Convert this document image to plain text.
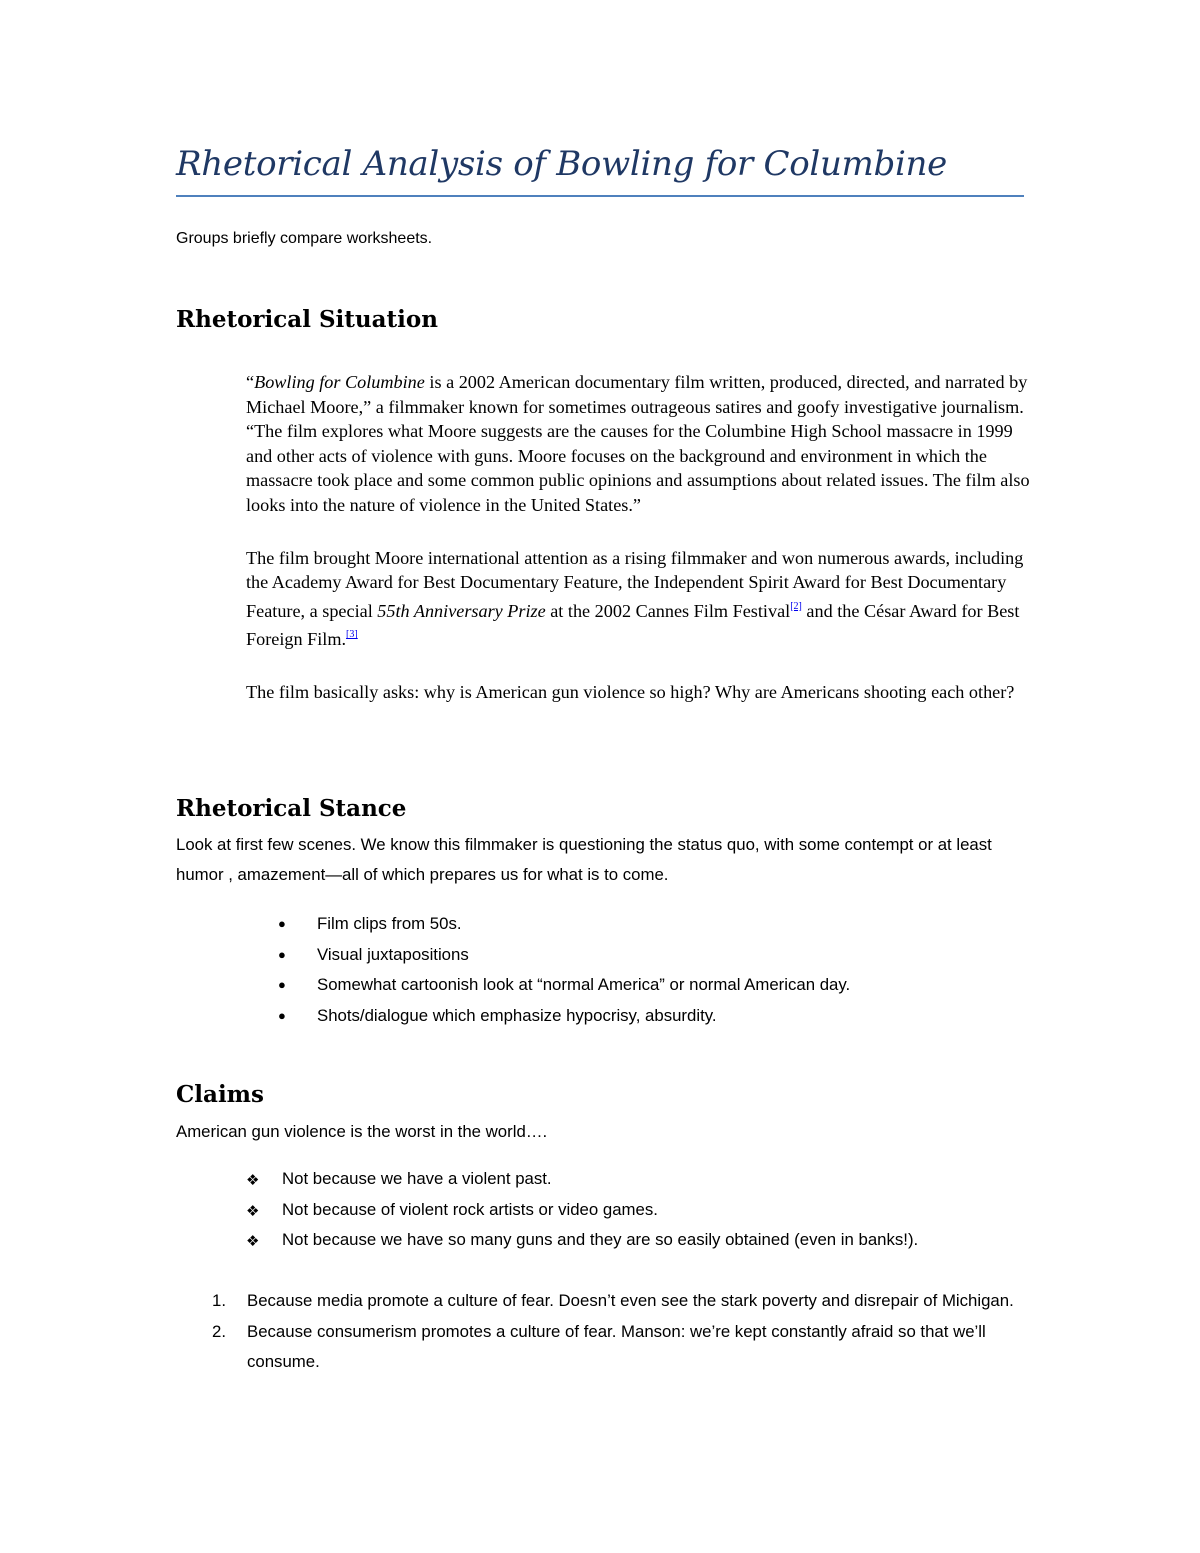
Rhetorical Analysis of Bowling for Columbine
Groups briefly compare worksheets.
Rhetorical Situation

“Bowling for Columbine is a 2002 American documentary film written, produced, directed, and narrated by Michael Moore,” a filmmaker known for sometimes outrageous satires and goofy investigative journalism. “The film explores what Moore suggests are the causes for the Columbine High School massacre in 1999 and other acts of violence with guns. Moore focuses on the background and environment in which the massacre took place and some common public opinions and assumptions about related issues. The film also looks into the nature of violence in the United States.”

The film brought Moore international attention as a rising filmmaker and won numerous awards, including the Academy Award for Best Documentary Feature, the Independent Spirit Award for Best Documentary Feature, a special 55th Anniversary Prize at the 2002 Cannes Film Festival[2] and the César Award for Best Foreign Film.[3]

The film basically asks: why is American gun violence so high? Why are Americans shooting each other?

Rhetorical Stance
Look at first few scenes. We know this filmmaker is questioning the status quo, with some contempt or at least humor , amazement—all of which prepares us for what is to come.
● Film clips from 50s.
● Visual juxtapositions
● Somewhat cartoonish look at “normal America” or normal American day.
● Shots/dialogue which emphasize hypocrisy, absurdity.
Claims
American gun violence is the worst in the world….
❖ Not because we have a violent past.
❖ Not because of violent rock artists or video games.
❖ Not because we have so many guns and they are so easily obtained (even in banks!).
1. Because media promote a culture of fear. Doesn’t even see the stark poverty and disrepair of Michigan.
2. Because consumerism promotes a culture of fear. Manson: we’re kept constantly afraid so that we’ll consume.
